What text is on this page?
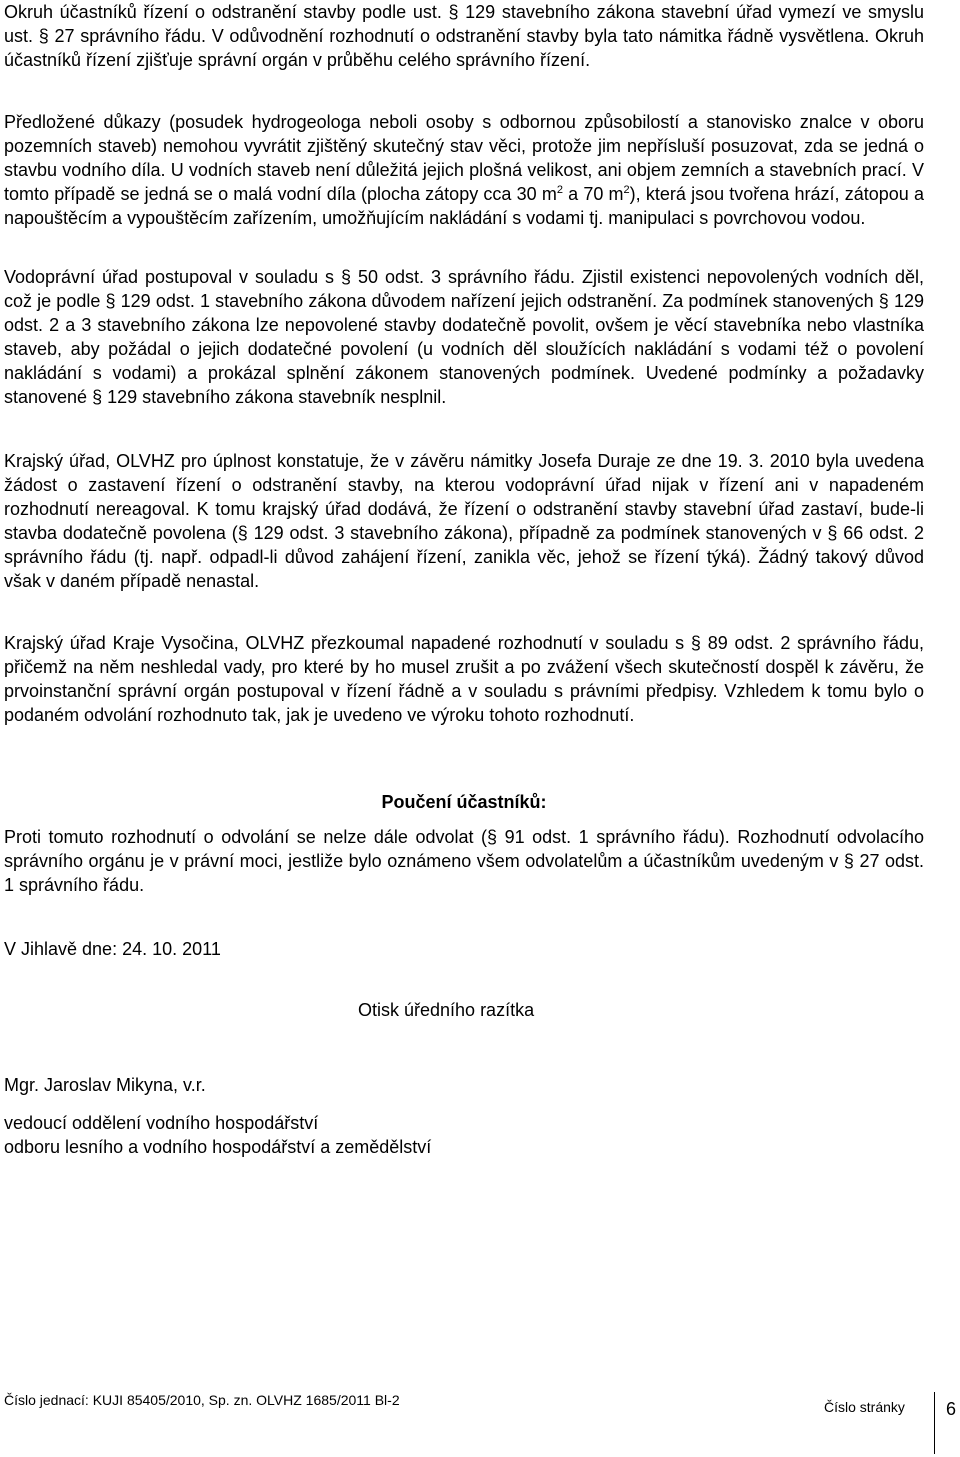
Okruh účastníků řízení o odstranění stavby podle ust. § 129 stavebního zákona stavební úřad vymezí ve smyslu ust. § 27 správního řádu. V odůvodnění rozhodnutí o odstranění stavby byla tato námitka řádně vysvětlena. Okruh účastníků řízení zjišťuje správní orgán v průběhu celého správního řízení.

Předložené důkazy (posudek hydrogeologa neboli osoby s odbornou způsobilostí a stanovisko znalce v oboru pozemních staveb) nemohou vyvrátit zjištěný skutečný stav věci, protože jim nepřísluší posuzovat, zda se jedná o stavbu vodního díla. U vodních staveb není důležitá jejich plošná velikost, ani objem zemních a stavebních prací. V tomto případě se jedná se o malá vodní díla (plocha zátopy cca 30 $m^2$ a 70 $m^2$), která jsou tvořena hrází, zátopou a napouštěcím a vypouštěcím zařízením, umožňujícím nakládání s vodami tj. manipulaci s povrchovou vodou.

Vodoprávní úřad postupoval v souladu s § 50 odst. 3 správního řádu. Zjistil existenci nepovolených vodních děl, což je podle § 129 odst. 1 stavebního zákona důvodem nařízení jejich odstranění. Za podmínek stanovených § 129 odst. 2 a 3 stavebního zákona lze nepovolené stavby dodatečně povolit, ovšem je věcí stavebníka nebo vlastníka staveb, aby požádal o jejich dodatečné povolení (u vodních děl sloužících nakládání s vodami též o povolení nakládání s vodami) a prokázal splnění zákonem stanovených podmínek. Uvedené podmínky a požadavky stanovené § 129 stavebního zákona stavebník nesplnil.

Krajský úřad, OLVHZ pro úplnost konstatuje, že v závěru námitky Josefa Duraje ze dne 19. 3. 2010 byla uvedena žádost o zastavení řízení o odstranění stavby, na kterou vodoprávní úřad nijak v řízení ani v napadeném rozhodnutí nereagoval. K tomu krajský úřad dodává, že řízení o odstranění stavby stavební úřad zastaví, bude-li stavba dodatečně povolena (§ 129 odst. 3 stavebního zákona), případně za podmínek stanovených v § 66 odst. 2 správního řádu (tj. např. odpadl-li důvod zahájení řízení, zanikla věc, jehož se řízení týká). Žádný takový důvod však v daném případě nenastal.

Krajský úřad Kraje Vysočina, OLVHZ přezkoumal napadené rozhodnutí v souladu s § 89 odst. 2 správního řádu, přičemž na něm neshledal vady, pro které by ho musel zrušit a po zvážení všech skutečností dospěl k závěru, že prvoinstanční správní orgán postupoval v řízení řádně a v souladu s právními předpisy. Vzhledem k tomu bylo o podaném odvolání rozhodnuto tak, jak je uvedeno ve výroku tohoto rozhodnutí.

Poučení účastníků:

Proti tomuto rozhodnutí o odvolání se nelze dále odvolat (§ 91 odst. 1 správního řádu). Rozhodnutí odvolacího správního orgánu je v právní moci, jestliže bylo oznámeno všem odvolatelům a účastníkům uvedeným v § 27 odst. 1 správního řádu.

V Jihlavě dne: 24. 10. 2011
Otisk úředního razítka
Mgr. Jaroslav Mikyna, v.r.
vedoucí oddělení vodního hospodářství
odboru lesního a vodního hospodářství a zemědělství
Číslo jednací: KUJI 85405/2010, Sp. zn. OLVHZ 1685/2011 Bl-2	Číslo stránky 6
